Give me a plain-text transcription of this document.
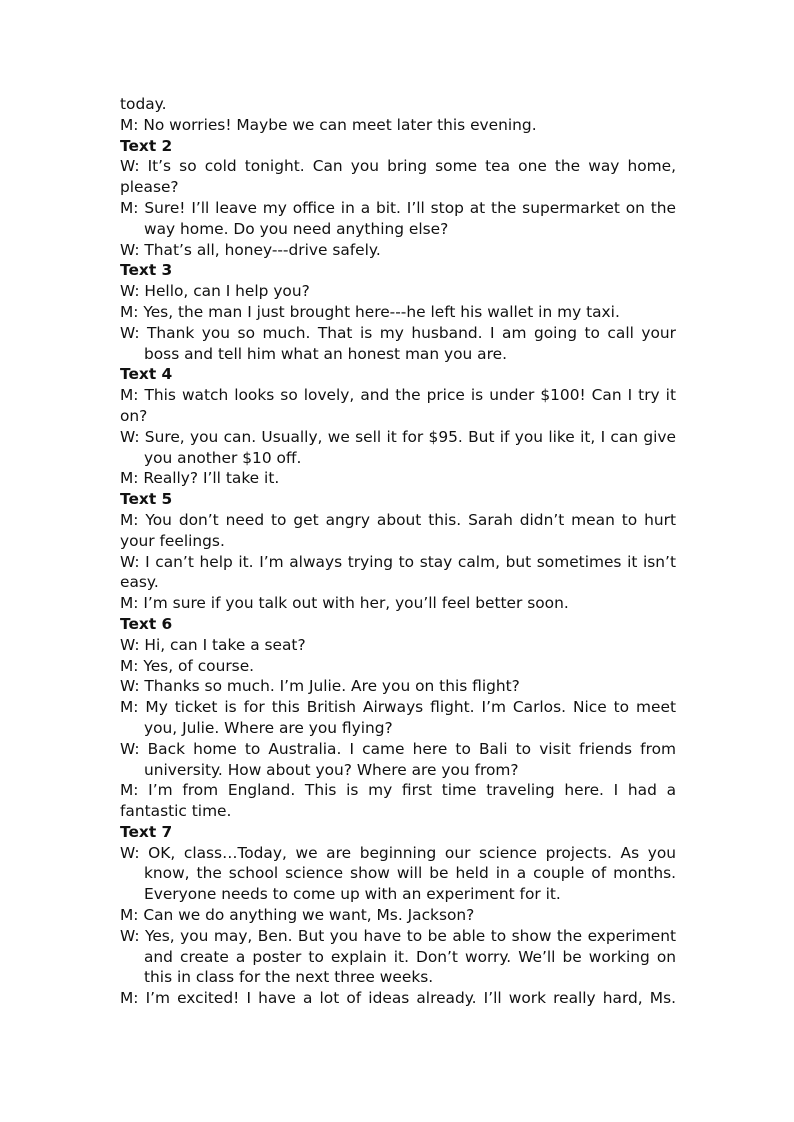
today.

M: No worries! Maybe we can meet later this evening.

Text 2

W: It’s so cold tonight. Can you bring some tea one the way home, please?

M: Sure! I’ll leave my office in a bit. I’ll stop at the supermarket on the way home. Do you need anything else?

W: That’s all, honey---drive safely.

Text 3

W: Hello, can I help you?

M: Yes, the man I just brought here---he left his wallet in my taxi.

W: Thank you so much. That is my husband. I am going to call your boss and tell him what an honest man you are.

Text 4

M: This watch looks so lovely, and the price is under $100! Can I try it on?

W: Sure, you can. Usually, we sell it for $95. But if you like it, I can give you another $10 off.

M: Really? I’ll take it.

Text 5

M: You don’t need to get angry about this. Sarah didn’t mean to hurt your feelings.

W: I can’t help it. I’m always trying to stay calm, but sometimes it isn’t easy.

M: I’m sure if you talk out with her, you’ll feel better soon.

Text 6

W: Hi, can I take a seat?

M: Yes, of course.

W: Thanks so much. I’m Julie. Are you on this flight?

M: My ticket is for this British Airways flight. I’m Carlos. Nice to meet you, Julie. Where are you flying?

W: Back home to Australia. I came here to Bali to visit friends from university. How about you? Where are you from?

M: I’m from England. This is my first time traveling here. I had a fantastic time.

Text 7

W: OK, class…Today, we are beginning our science projects. As you know, the school science show will be held in a couple of months. Everyone needs to come up with an experiment for it.

M: Can we do anything we want, Ms. Jackson?

W: Yes, you may, Ben. But you have to be able to show the experiment and create a poster to explain it. Don’t worry. We’ll be working on this in class for the next three weeks.

M: I’m excited! I have a lot of ideas already. I’ll work really hard, Ms.
